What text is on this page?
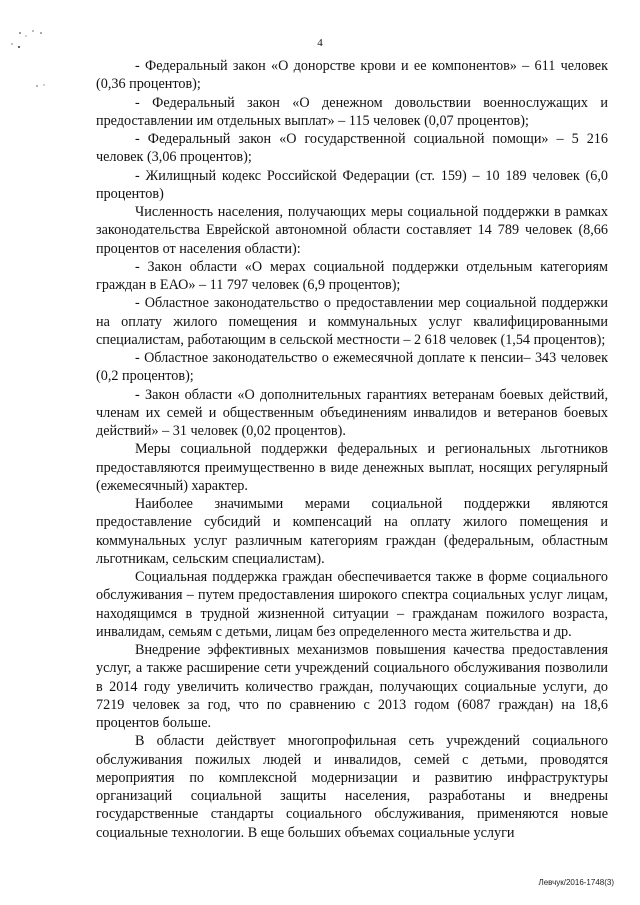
4

- Федеральный закон «О донорстве крови и ее компонентов» – 611 человек (0,36 процентов);

- Федеральный закон «О денежном довольствии военнослужащих и предоставлении им отдельных выплат» – 115 человек (0,07 процентов);

- Федеральный закон «О государственной социальной помощи» – 5 216 человек (3,06 процентов);

- Жилищный кодекс Российской Федерации (ст. 159) – 10 189 человек (6,0 процентов)

Численность населения, получающих меры социальной поддержки в рамках законодательства Еврейской автономной области составляет 14 789 человек (8,66 процентов от населения области):

- Закон области «О мерах социальной поддержки отдельным категориям граждан в ЕАО» – 11 797 человек (6,9 процентов);

- Областное законодательство о предоставлении мер социальной поддержки на оплату жилого помещения и коммунальных услуг квалифицированными специалистам, работающим в сельской местности – 2 618 человек (1,54 процентов);

- Областное законодательство о ежемесячной доплате к пенсии– 343 человек (0,2 процентов);

- Закон области «О дополнительных гарантиях ветеранам боевых действий, членам их семей и общественным объединениям инвалидов и ветеранов боевых действий» – 31 человек (0,02 процентов).

Меры социальной поддержки федеральных и региональных льготников предоставляются преимущественно в виде денежных выплат, носящих регулярный (ежемесячный) характер.

Наиболее значимыми мерами социальной поддержки являются предоставление субсидий и компенсаций на оплату жилого помещения и коммунальных услуг различным категориям граждан (федеральным, областным льготникам, сельским специалистам).

Социальная поддержка граждан обеспечивается также в форме социального обслуживания – путем предоставления широкого спектра социальных услуг лицам, находящимся в трудной жизненной ситуации – гражданам пожилого возраста, инвалидам, семьям с детьми, лицам без определенного места жительства и др.

Внедрение эффективных механизмов повышения качества предоставления услуг, а также расширение сети учреждений социального обслуживания позволили в 2014 году увеличить количество граждан, получающих социальные услуги, до 7219 человек за год, что по сравнению с 2013 годом (6087 граждан) на 18,6 процентов больше.

В области действует многопрофильная сеть учреждений социального обслуживания пожилых людей и инвалидов, семей с детьми, проводятся мероприятия по комплексной модернизации и развитию инфраструктуры организаций социальной защиты населения, разработаны и внедрены государственные стандарты социального обслуживания, применяются новые социальные технологии. В еще больших объемах социальные услуги

Левчук/2016-1748(3)
